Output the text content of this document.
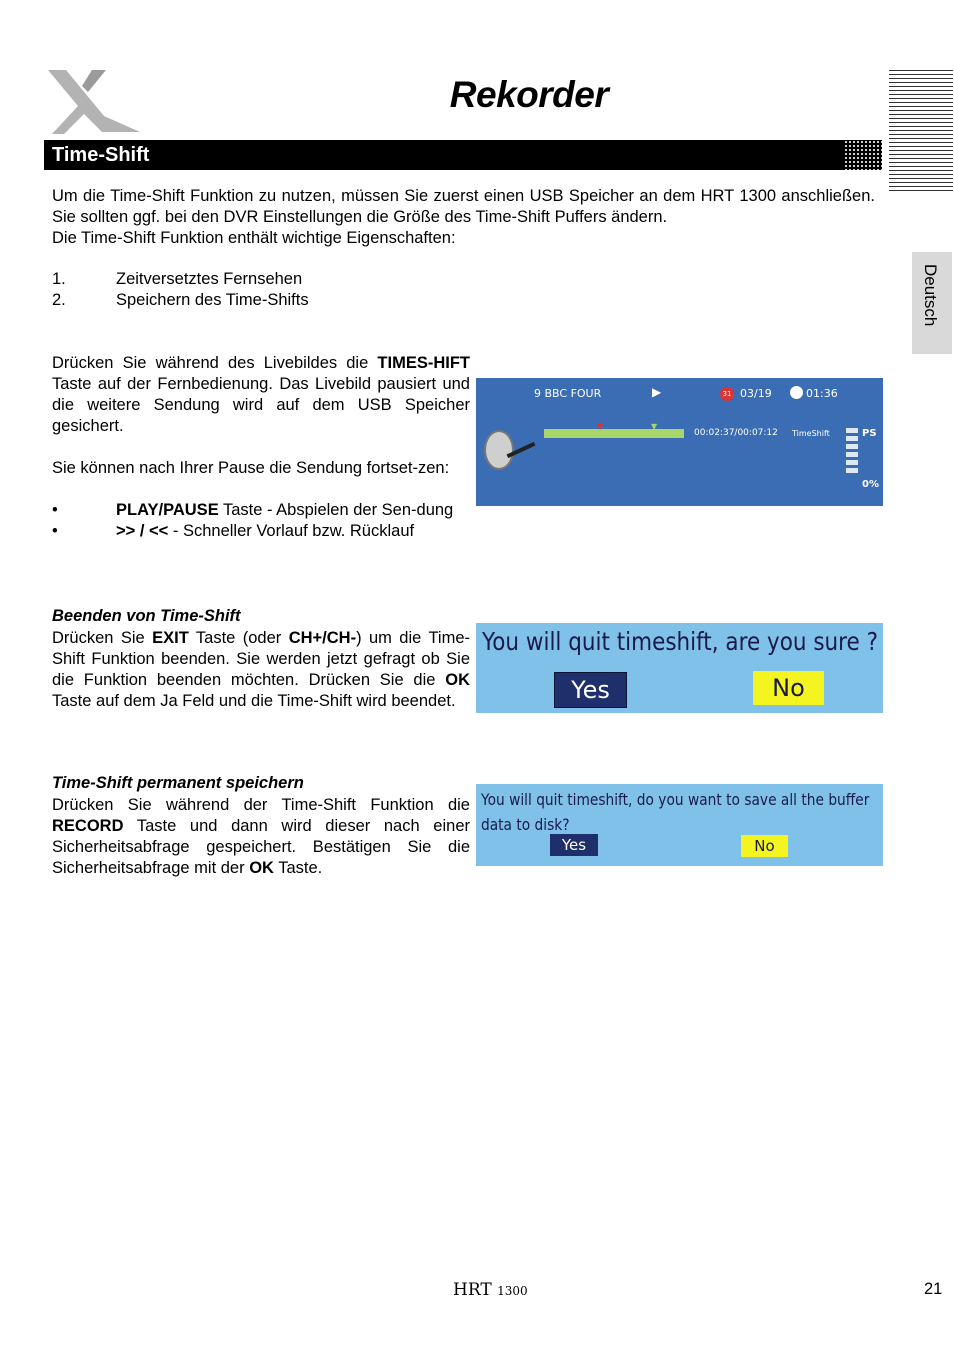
Rekorder
Time-Shift
Deutsch
Um die Time-Shift Funktion zu nutzen, müssen Sie zuerst einen USB Speicher an dem HRT 1300 anschließen. Sie sollten ggf. bei den DVR Einstellungen die Größe des Time-Shift Puffers ändern.
Die Time-Shift Funktion enthält wichtige Eigenschaften:
1.	Zeitversetztes Fernsehen
2.	Speichern des Time-Shifts
Drücken Sie während des Livebildes die TIMES-HIFT Taste auf der Fernbedienung. Das Livebild pausiert und die weitere Sendung wird auf dem USB Speicher gesichert.
Sie können nach Ihrer Pause die Sendung fortset-zen:
•	PLAY/PAUSE Taste - Abspielen der Sen-dung
•	>> / << - Schneller Vorlauf bzw. Rücklauf
9 BBC FOUR	▶	31 03/19	01:36
▼	▼
00:02:37/00:07:12 TimeShift	PS
0%
Beenden von Time-Shift
Drücken Sie EXIT Taste (oder CH+/CH-) um die Time-Shift Funktion beenden. Sie werden jetzt gefragt ob Sie die Funktion beenden möchten. Drücken Sie die OK Taste auf dem Ja Feld und die Time-Shift wird beendet.
You will quit timeshift, are you sure ?
Yes	No
Time-Shift permanent speichern
Drücken Sie während der Time-Shift Funktion die RECORD Taste und dann wird dieser nach einer Sicherheitsabfrage gespeichert. Bestätigen Sie die Sicherheitsabfrage mit der OK Taste.
You will quit timeshift, do you want to save all the buffer data to disk?
Yes	No
HRT 1300	21
